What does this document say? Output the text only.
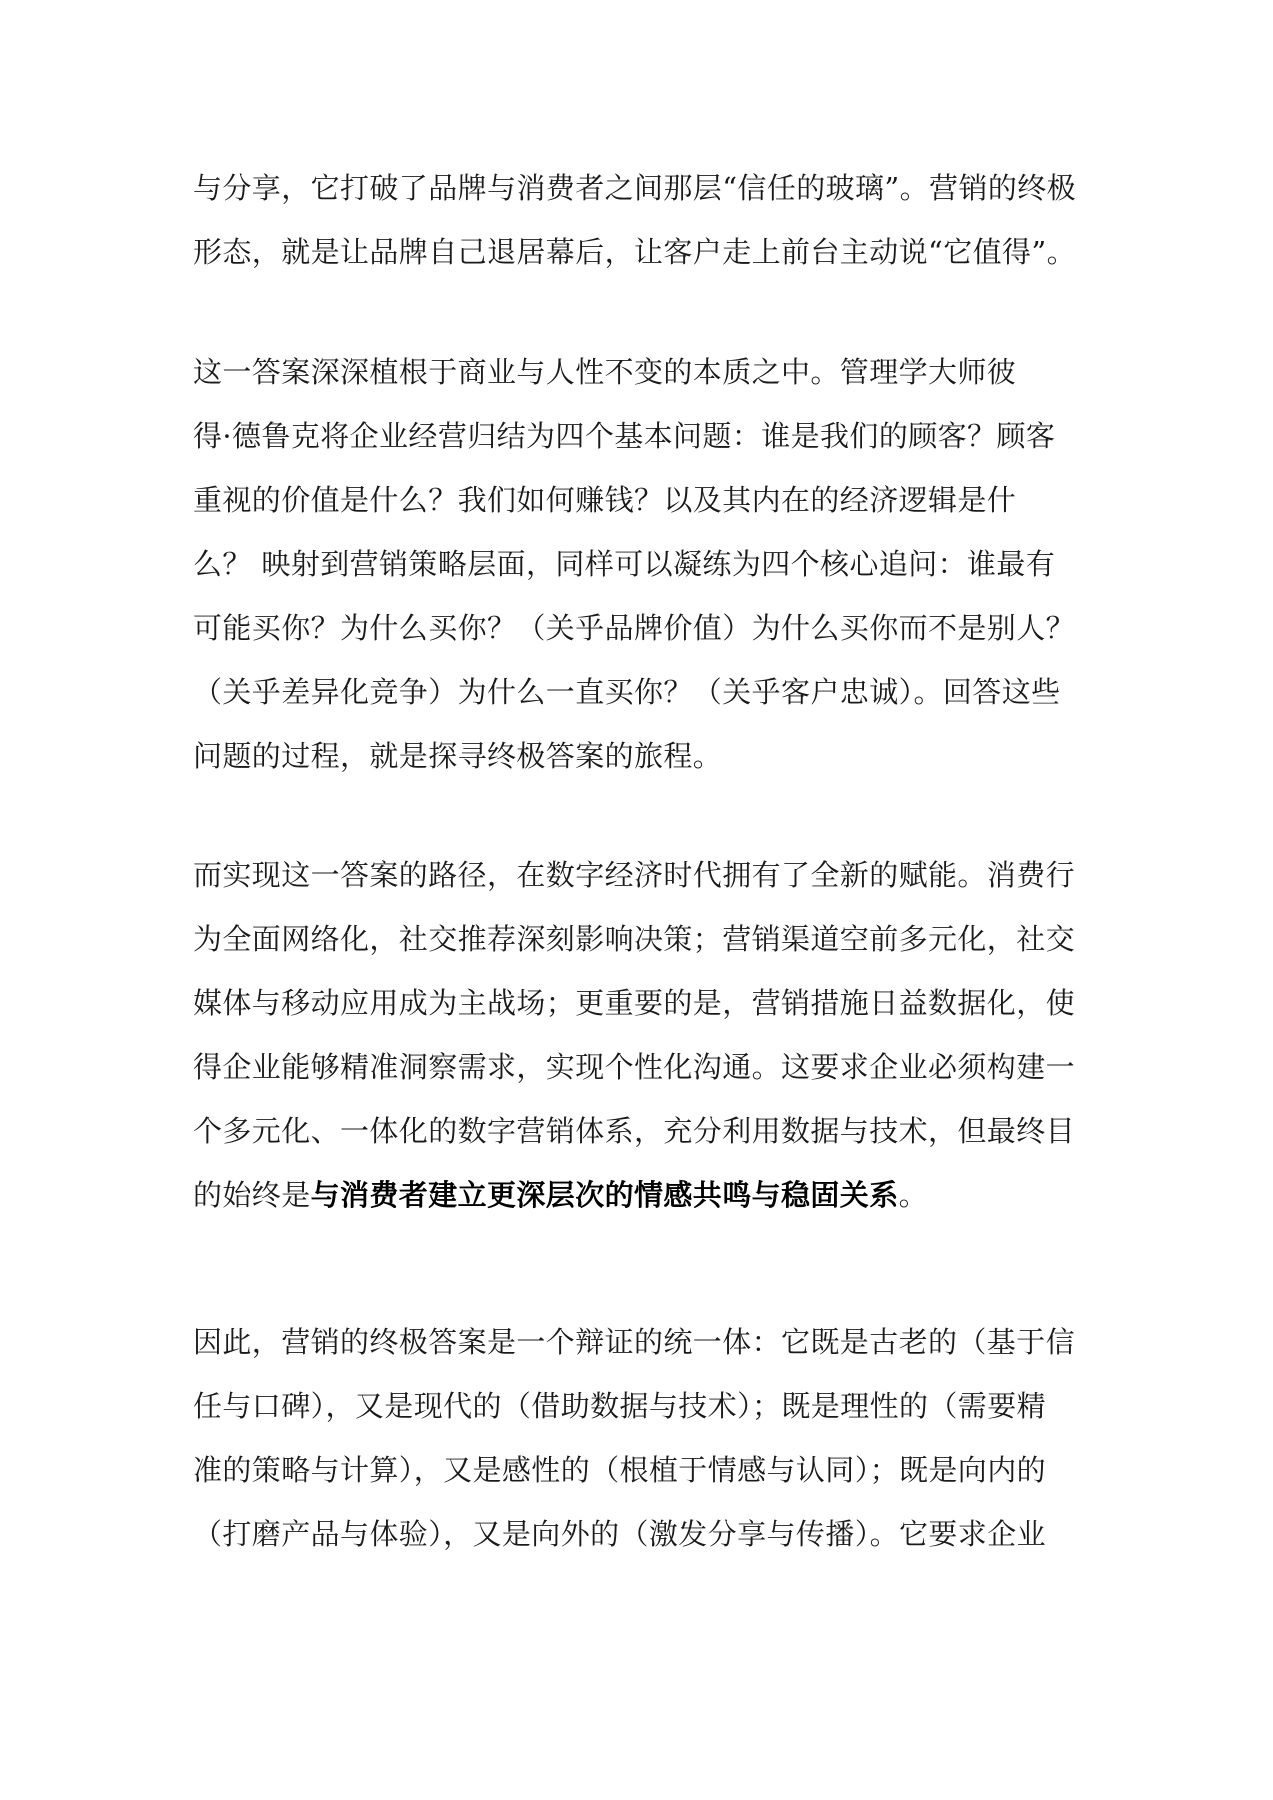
与分享，它打破了品牌与消费者之间那层“信任的玻璃”。营销的终极
形态，就是让品牌自己退居幕后，让客户走上前台主动说“它值得”。
这一答案深深植根于商业与人性不变的本质之中。管理学大师彼
得·德鲁克将企业经营归结为四个基本问题：谁是我们的顾客？顾客
重视的价值是什么？我们如何赚钱？以及其内在的经济逻辑是什
么？ 映射到营销策略层面，同样可以凝练为四个核心追问：谁最有
可能买你？为什么买你？（关乎品牌价值）为什么买你而不是别人？
（关乎差异化竞争）为什么一直买你？（关乎客户忠诚）。回答这些
问题的过程，就是探寻终极答案的旅程。
而实现这一答案的路径，在数字经济时代拥有了全新的赋能。消费行
为全面网络化，社交推荐深刻影响决策；营销渠道空前多元化，社交
媒体与移动应用成为主战场；更重要的是，营销措施日益数据化，使
得企业能够精准洞察需求，实现个性化沟通。这要求企业必须构建一
个多元化、一体化的数字营销体系，充分利用数据与技术，但最终目
的始终是与消费者建立更深层次的情感共鸣与稳固关系。
因此，营销的终极答案是一个辩证的统一体：它既是古老的（基于信
任与口碑），又是现代的（借助数据与技术）；既是理性的（需要精
准的策略与计算），又是感性的（根植于情感与认同）；既是向内的
（打磨产品与体验），又是向外的（激发分享与传播）。它要求企业
